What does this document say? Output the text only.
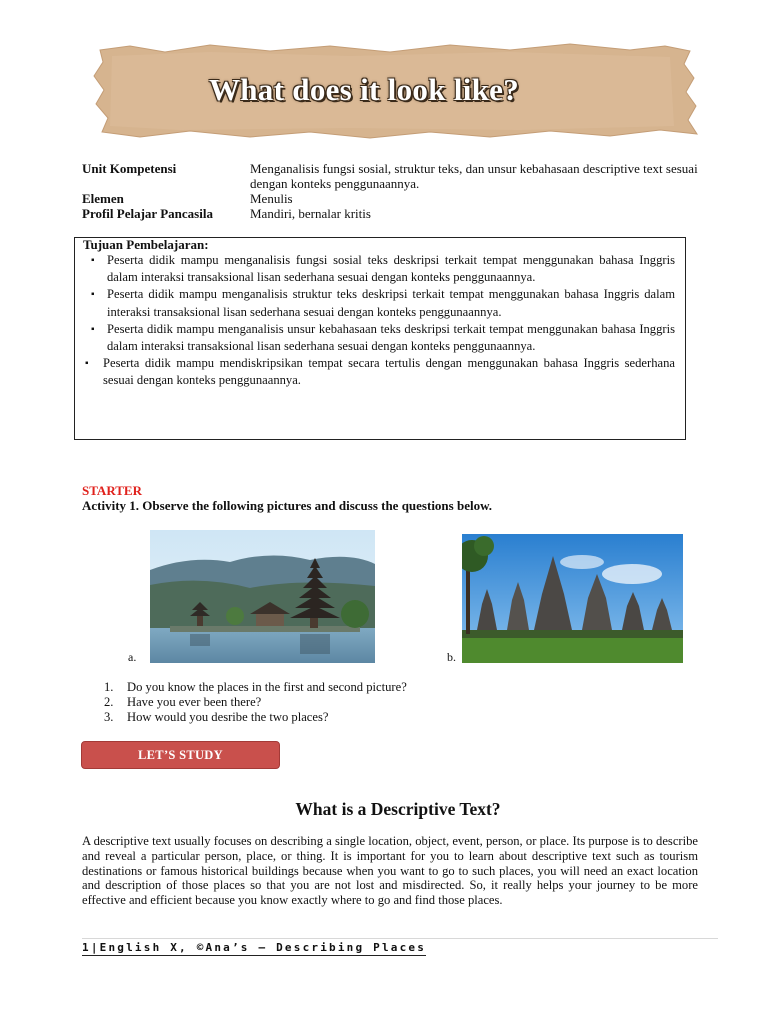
What does it look like?
Unit Kompetensi	Menganalisis fungsi sosial, struktur teks, dan unsur kebahasaan descriptive text sesuai dengan konteks penggunaannya.
Elemen	Menulis
Profil Pelajar Pancasila	Mandiri, bernalar kritis

Tujuan Pembelajaran:

▪ Peserta didik mampu menganalisis fungsi sosial teks deskripsi terkait tempat menggunakan bahasa Inggris dalam interaksi transaksional lisan sederhana sesuai dengan konteks penggunaannya.
▪ Peserta didik mampu menganalisis struktur teks deskripsi terkait tempat menggunakan bahasa Inggris dalam interaksi transaksional lisan sederhana sesuai dengan konteks penggunaannya.
▪ Peserta didik mampu menganalisis unsur kebahasaan teks deskripsi terkait tempat menggunakan bahasa Inggris dalam interaksi transaksional lisan sederhana sesuai dengan konteks penggunaannya.
▪ Peserta didik mampu mendiskripsikan tempat secara tertulis dengan menggunakan bahasa Inggris sederhana sesuai dengan konteks penggunaannya.
STARTER
Activity 1. Observe the following pictures and discuss the questions below.
a.	b.
1. Do you know the places in the first and second picture?
2. Have you ever been there?
3. How would you desribe the two places?
LET’S STUDY
What is a Descriptive Text?

A descriptive text usually focuses on describing a single location, object, event, person, or place. Its purpose is to describe and reveal a particular person, place, or thing. It is important for you to learn about descriptive text such as tourism destinations or famous historical buildings because when you want to go to such places, you will need an exact location and description of those places so that you are not lost and misdirected. So, it really helps your journey to be more effective and efficient because you know exactly where to go and find those places.

1|English X, ©Ana’s – Describing Places
